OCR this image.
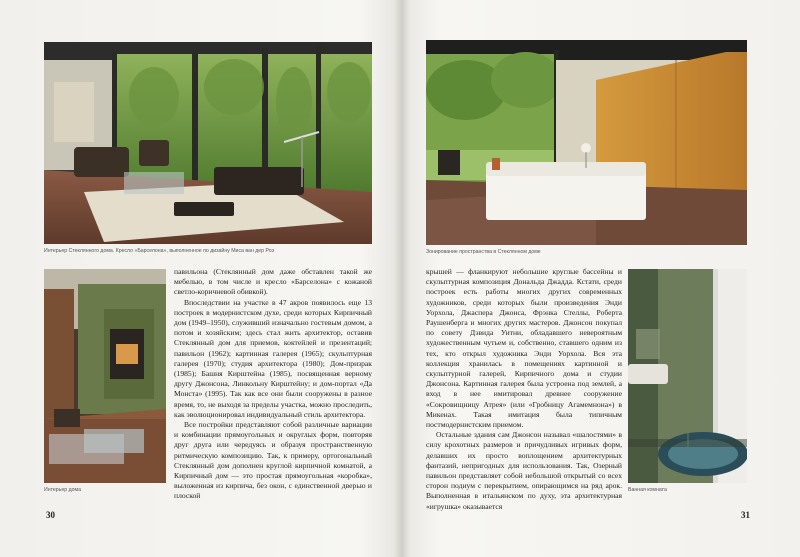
Интерьер Стеклянного дома. Кресло «Барселона», выполненное по дизайну Миса ван дер Роэ
Интерьер дома

павильона (Стеклянный дом даже обставлен такой же мебелью, в том числе и кресло «Барселона» с кожаной светло-коричневой обивкой).

Впоследствии на участке в 47 акров появилось еще 13 построек в модернистском духе, среди которых Кирпичный дом (1949–1950), служивший изначально гостевым домом, а потом и хозяйским; здесь стал жить архитектор, оставив Стеклянный дом для приемов, коктейлей и презентаций; павильон (1962); картинная галерея (1965); скульптурная галерея (1970); студия архитектора (1980); Дом-призрак (1985); Башня Кирштейна (1985), посвященная верному другу Джонсона, Линкольну Кирштейну; и дом-портал «Да Монста» (1995). Так как все они были сооружены в разное время, то, не выходя за пределы участка, можно проследить, как эволюционировал индивидуальный стиль архитектора.

Все постройки представляют собой различные вариации и комбинации прямоугольных и округлых форм, повторяя друг друга или чередуясь и образуя пространственную ритмическую композицию. Так, к примеру, ортогональный Стеклянный дом дополнен круглой кирпичной комнатой, а Кирпичный дом — это простая прямоугольная «коробка», выложенная из кирпича, без окон, с единственной дверью и плоской

30
Зонирование пространства в Стеклянном доме

крышей — фланкируют небольшие круглые бассейны и скульптурная композиция Дональда Джадда. Кстати, среди построек есть работы многих других современных художников, среди которых были произведения Энди Уорхола, Джаспера Джонса, Фрэнка Стеллы, Роберта Раушенберга и многих других мастеров. Джонсон покупал по совету Дэвида Уитни, обладавшего невероятным художественным чутьем и, собственно, ставшего одним из тех, кто открыл художника Энди Уорхола. Вся эта коллекция хранилась в помещениях картинной и скульптурной галерей, Кирпичного дома и студии Джонсона. Картинная галерея была устроена под землей, а вход в нее имитировал древнее сооружение «Сокровищницу Атрея» (или «Гробницу Агамемнона») в Микенах. Такая имитация была типичным постмодернистским приемом.

Остальные здания сам Джонсон называл «шалостями» в силу крохотных размеров и причудливых игривых форм, делавших их просто воплощением архитектурных фантазий, непригодных для использования. Так, Озерный павильон представляет собой небольшой открытый со всех сторон подиум с перекрытием, опирающимся на ряд арок. Выполненная в итальянском по духу, эта архитектурная «игрушка» оказывается

Ванная комната
31
